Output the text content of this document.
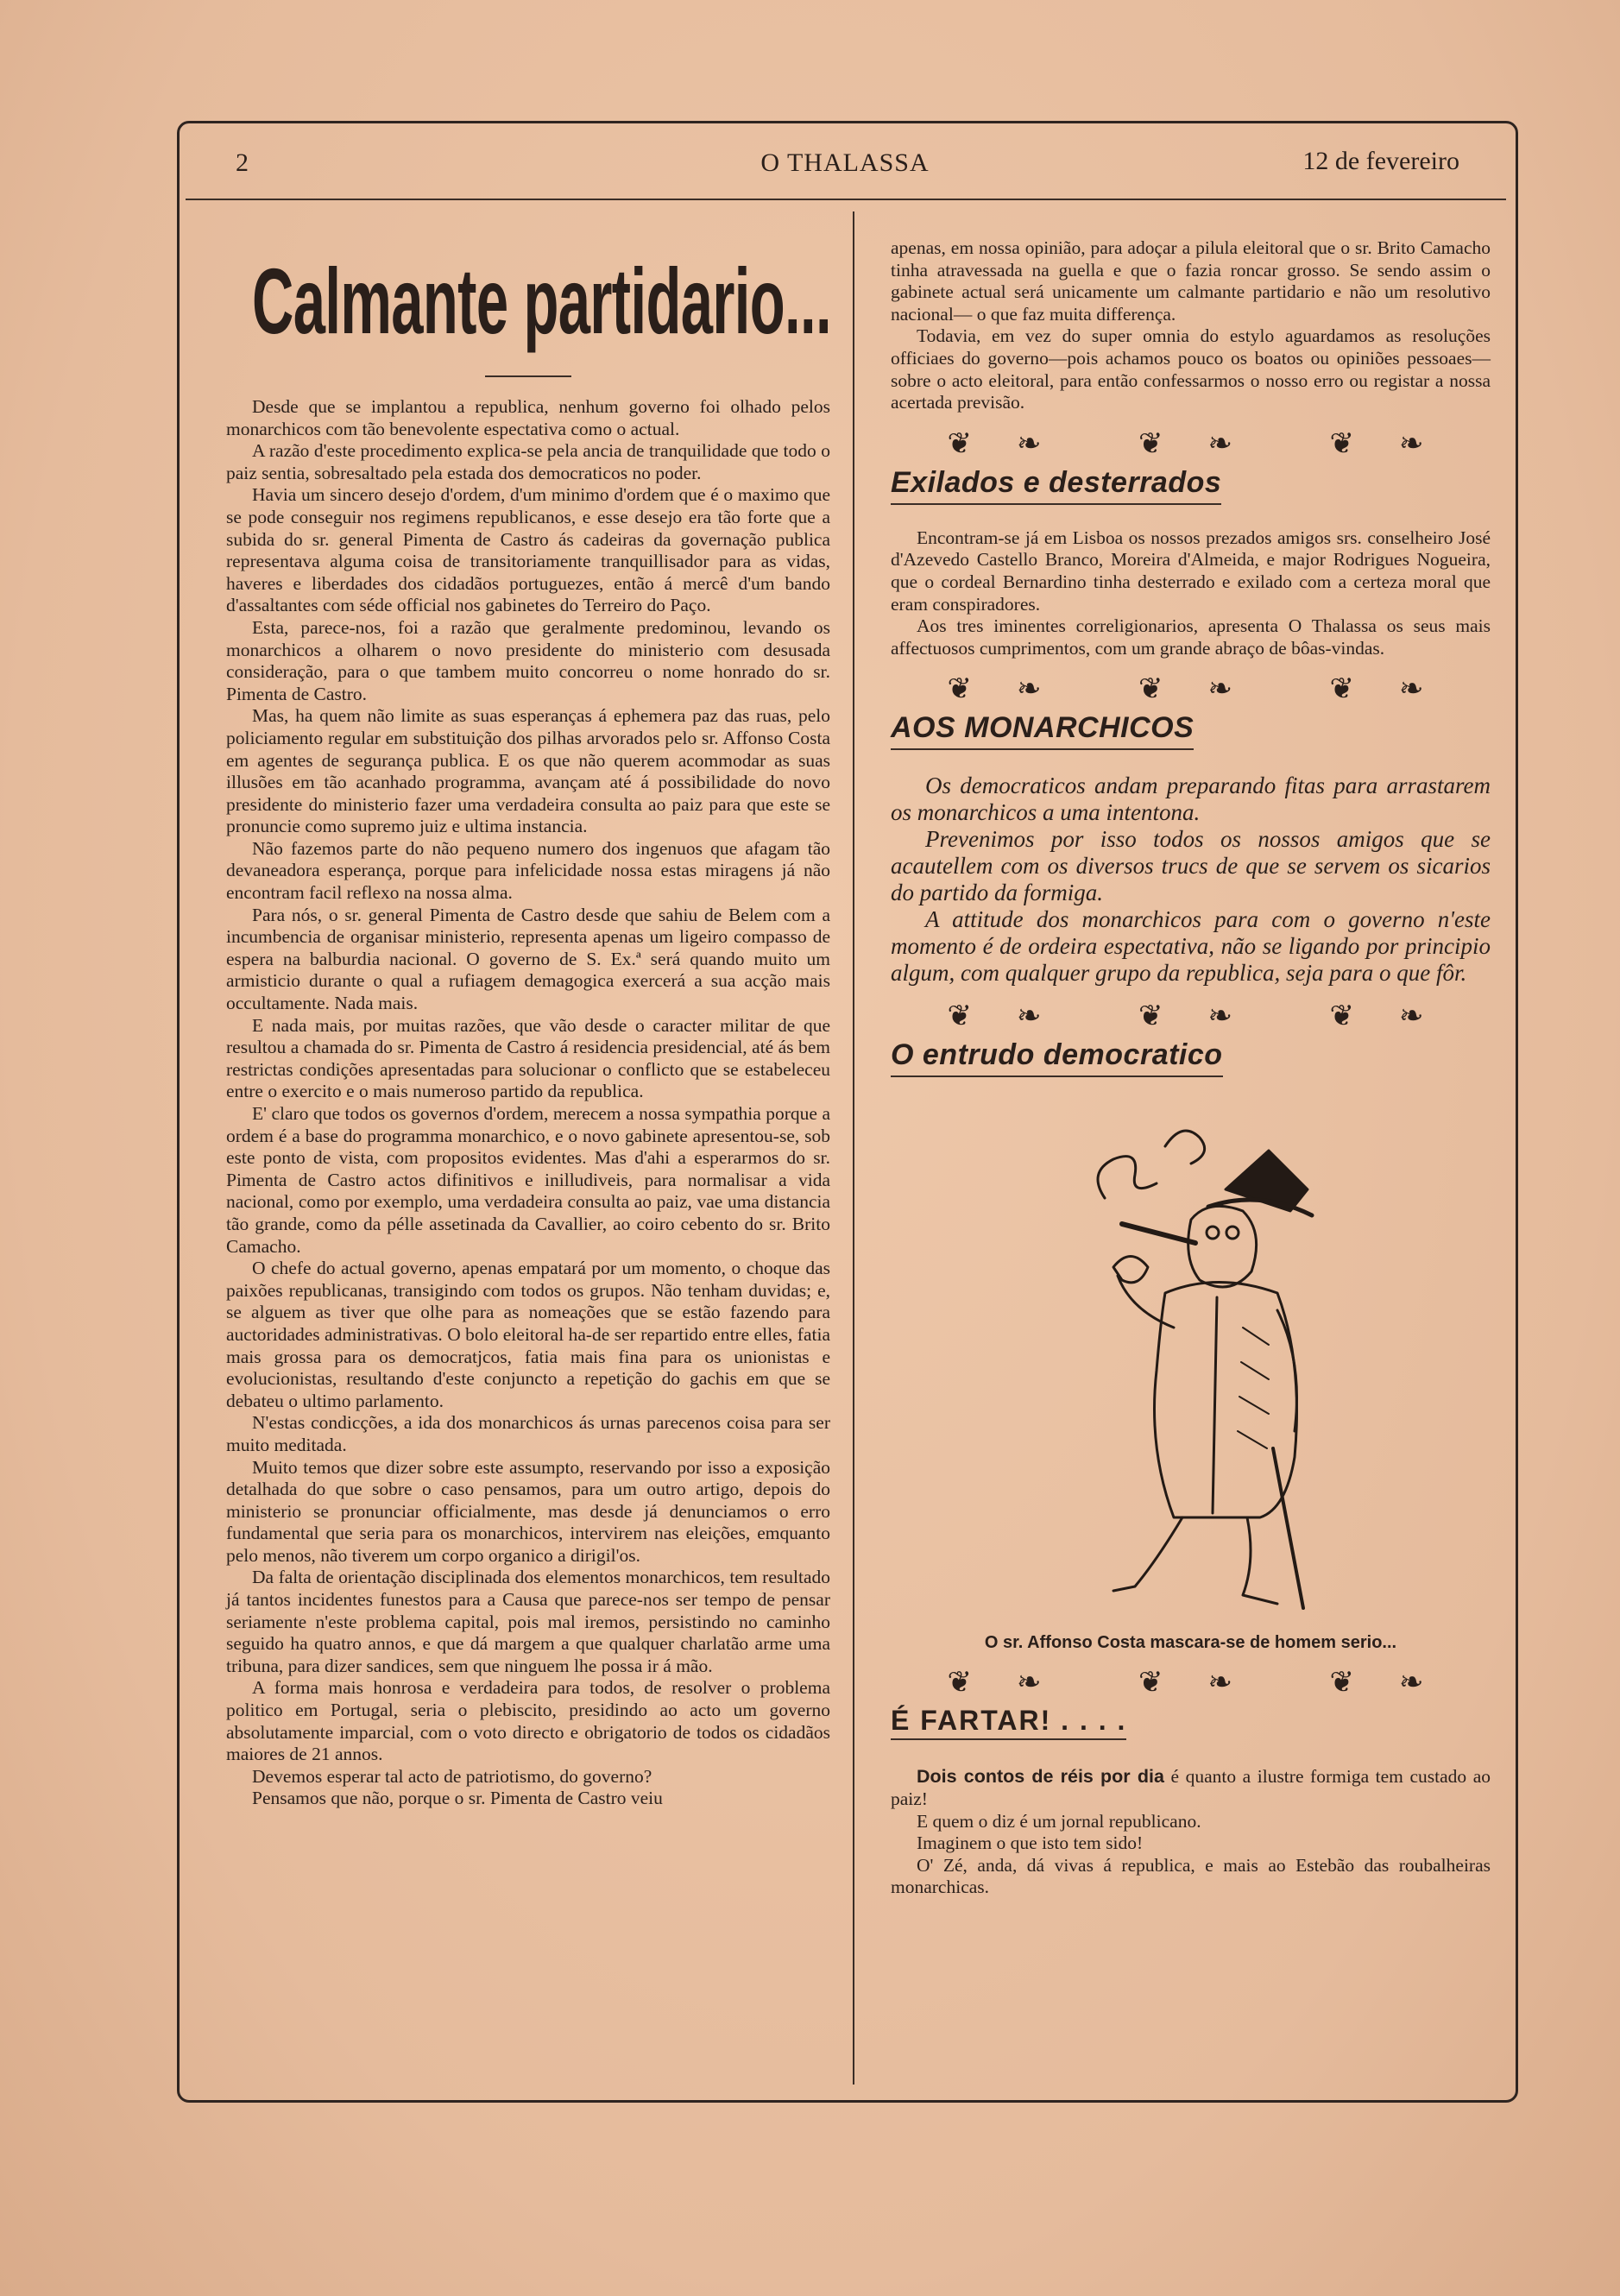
2	O THALASSA	12 de fevereiro
Calmante partidario...

Desde que se implantou a republica, nenhum governo foi olhado pelos monarchicos com tão benevolente espectativa como o actual.

A razão d'este procedimento explica-se pela ancia de tranquilidade que todo o paiz sentia, sobresaltado pela estada dos democraticos no poder.

Havia um sincero desejo d'ordem, d'um minimo d'ordem que é o maximo que se pode conseguir nos regimens republicanos, e esse desejo era tão forte que a subida do sr. general Pimenta de Castro ás cadeiras da governação publica representava alguma coisa de transitoriamente tranquillisador para as vidas, haveres e liberdades dos cidadãos portuguezes, então á mercê d'um bando d'assaltantes com séde official nos gabinetes do Terreiro do Paço.

Esta, parece-nos, foi a razão que geralmente predominou, levando os monarchicos a olharem o novo presidente do ministerio com desusada consideração, para o que tambem muito concorreu o nome honrado do sr. Pimenta de Castro.

Mas, ha quem não limite as suas esperanças á ephemera paz das ruas, pelo policiamento regular em substituição dos pilhas arvorados pelo sr. Affonso Costa em agentes de segurança publica. E os que não querem acommodar as suas illusões em tão acanhado programma, avançam até á possibilidade do novo presidente do ministerio fazer uma verdadeira consulta ao paiz para que este se pronuncie como supremo juiz e ultima instancia.

Não fazemos parte do não pequeno numero dos ingenuos que afagam tão devaneadora esperança, porque para infelicidade nossa estas miragens já não encontram facil reflexo na nossa alma.

Para nós, o sr. general Pimenta de Castro desde que sahiu de Belem com a incumbencia de organisar ministerio, representa apenas um ligeiro compasso de espera na balburdia nacional. O governo de S. Ex.ª será quando muito um armisticio durante o qual a rufiagem demagogica exercerá a sua acção mais occultamente. Nada mais.

E nada mais, por muitas razões, que vão desde o caracter militar de que resultou a chamada do sr. Pimenta de Castro á residencia presidencial, até ás bem restrictas condições apresentadas para solucionar o conflicto que se estabeleceu entre o exercito e o mais numeroso partido da republica.

E' claro que todos os governos d'ordem, merecem a nossa sympathia porque a ordem é a base do programma monarchico, e o novo gabinete apresentou-se, sob este ponto de vista, com propositos evidentes. Mas d'ahi a esperarmos do sr. Pimenta de Castro actos difinitivos e inilludiveis, para normalisar a vida nacional, como por exemplo, uma verdadeira consulta ao paiz, vae uma distancia tão grande, como da pélle assetinada da Cavallier, ao coiro cebento do sr. Brito Camacho.

O chefe do actual governo, apenas empatará por um momento, o choque das paixões republicanas, transigindo com todos os grupos. Não tenham duvidas; e, se alguem as tiver que olhe para as nomeações que se estão fazendo para auctoridades administrativas. O bolo eleitoral ha-de ser repartido entre elles, fatia mais grossa para os democratjcos, fatia mais fina para os unionistas e evolucionistas, resultando d'este conjuncto a repetição do gachis em que se debateu o ultimo parlamento.

N'estas condicções, a ida dos monarchicos ás urnas parecenos coisa para ser muito meditada.

Muito temos que dizer sobre este assumpto, reservando por isso a exposição detalhada do que sobre o caso pensamos, para um outro artigo, depois do ministerio se pronunciar officialmente, mas desde já denunciamos o erro fundamental que seria para os monarchicos, intervirem nas eleições, emquanto pelo menos, não tiverem um corpo organico a dirigil'os.

Da falta de orientação disciplinada dos elementos monarchicos, tem resultado já tantos incidentes funestos para a Causa que parece-nos ser tempo de pensar seriamente n'este problema capital, pois mal iremos, persistindo no caminho seguido ha quatro annos, e que dá margem a que qualquer charlatão arme uma tribuna, para dizer sandices, sem que ninguem lhe possa ir á mão.

A forma mais honrosa e verdadeira para todos, de resolver o problema politico em Portugal, seria o plebiscito, presidindo ao acto um governo absolutamente imparcial, com o voto directo e obrigatorio de todos os cidadãos maiores de 21 annos.

Devemos esperar tal acto de patriotismo, do governo?

Pensamos que não, porque o sr. Pimenta de Castro veiu

apenas, em nossa opinião, para adoçar a pilula eleitoral que o sr. Brito Camacho tinha atravessada na guella e que o fazia roncar grosso. Se sendo assim o gabinete actual será unicamente um calmante partidario e não um resolutivo nacional— o que faz muita differença.

Todavia, em vez do super omnia do estylo aguardamos as resoluções officiaes do governo—pois achamos pouco os boatos ou opiniões pessoaes—sobre o acto eleitoral, para então confessarmos o nosso erro ou registar a nossa acertada previsão.

❦❧ ❦❧ ❦❧
Exilados e desterrados

Encontram-se já em Lisboa os nossos prezados amigos srs. conselheiro José d'Azevedo Castello Branco, Moreira d'Almeida, e major Rodrigues Nogueira, que o cordeal Bernardino tinha desterrado e exilado com a certeza moral que eram conspiradores.

Aos tres iminentes correligionarios, apresenta O Thalassa os seus mais affectuosos cumprimentos, com um grande abraço de bôas-vindas.

❦❧ ❦❧ ❦❧
AOS MONARCHICOS

Os democraticos andam preparando fitas para arrastarem os monarchicos a uma intentona.

Prevenimos por isso todos os nossos amigos que se acautellem com os diversos trucs de que se servem os sicarios do partido da formiga.

A attitude dos monarchicos para com o governo n'este momento é de ordeira espectativa, não se ligando por principio algum, com qualquer grupo da republica, seja para o que fôr.

❦❧ ❦❧ ❦❧
O entrudo democratico
O sr. Affonso Costa mascara-se de homem serio...
❦❧ ❦❧ ❦❧
É FARTAR! . . . .

Dois contos de réis por dia é quanto a ilustre formiga tem custado ao paiz!

E quem o diz é um jornal republicano.

Imaginem o que isto tem sido!

O' Zé, anda, dá vivas á republica, e mais ao Estebão das roubalheiras monarchicas.
